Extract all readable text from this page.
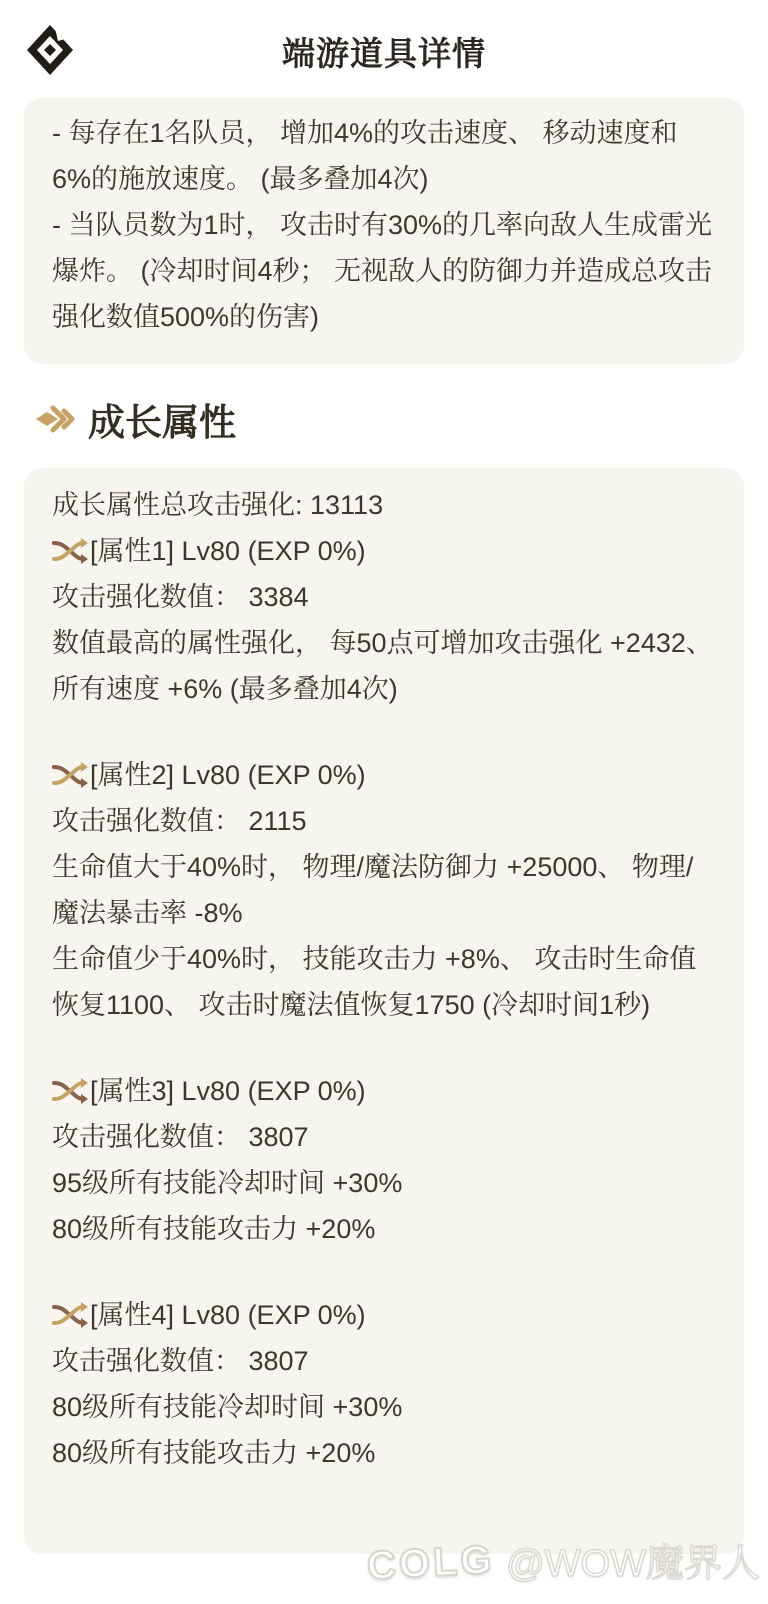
端游道具详情

- 每存在1名队员， 增加4%的攻击速度、 移动速度和6%的施放速度。 (最多叠加4次)

- 当队员数为1时， 攻击时有30%的几率向敌人生成雷光爆炸。 (冷却时间4秒； 无视敌人的防御力并造成总攻击强化数值500%的伤害)

成长属性

成长属性总攻击强化: 13113

[属性1] Lv80 (EXP 0%)

攻击强化数值： 3384

数值最高的属性强化， 每50点可增加攻击强化 +2432、 所有速度 +6% (最多叠加4次)

[属性2] Lv80 (EXP 0%)

攻击强化数值： 2115

生命值大于40%时， 物理/魔法防御力 +25000、 物理/魔法暴击率 -8%

生命值少于40%时， 技能攻击力 +8%、 攻击时生命值恢复1100、 攻击时魔法值恢复1750 (冷却时间1秒)

[属性3] Lv80 (EXP 0%)

攻击强化数值： 3807

95级所有技能冷却时间 +30%

80级所有技能攻击力 +20%

[属性4] Lv80 (EXP 0%)

攻击强化数值： 3807

80级所有技能冷却时间 +30%

80级所有技能攻击力 +20%

COLG @WOW魔界人
